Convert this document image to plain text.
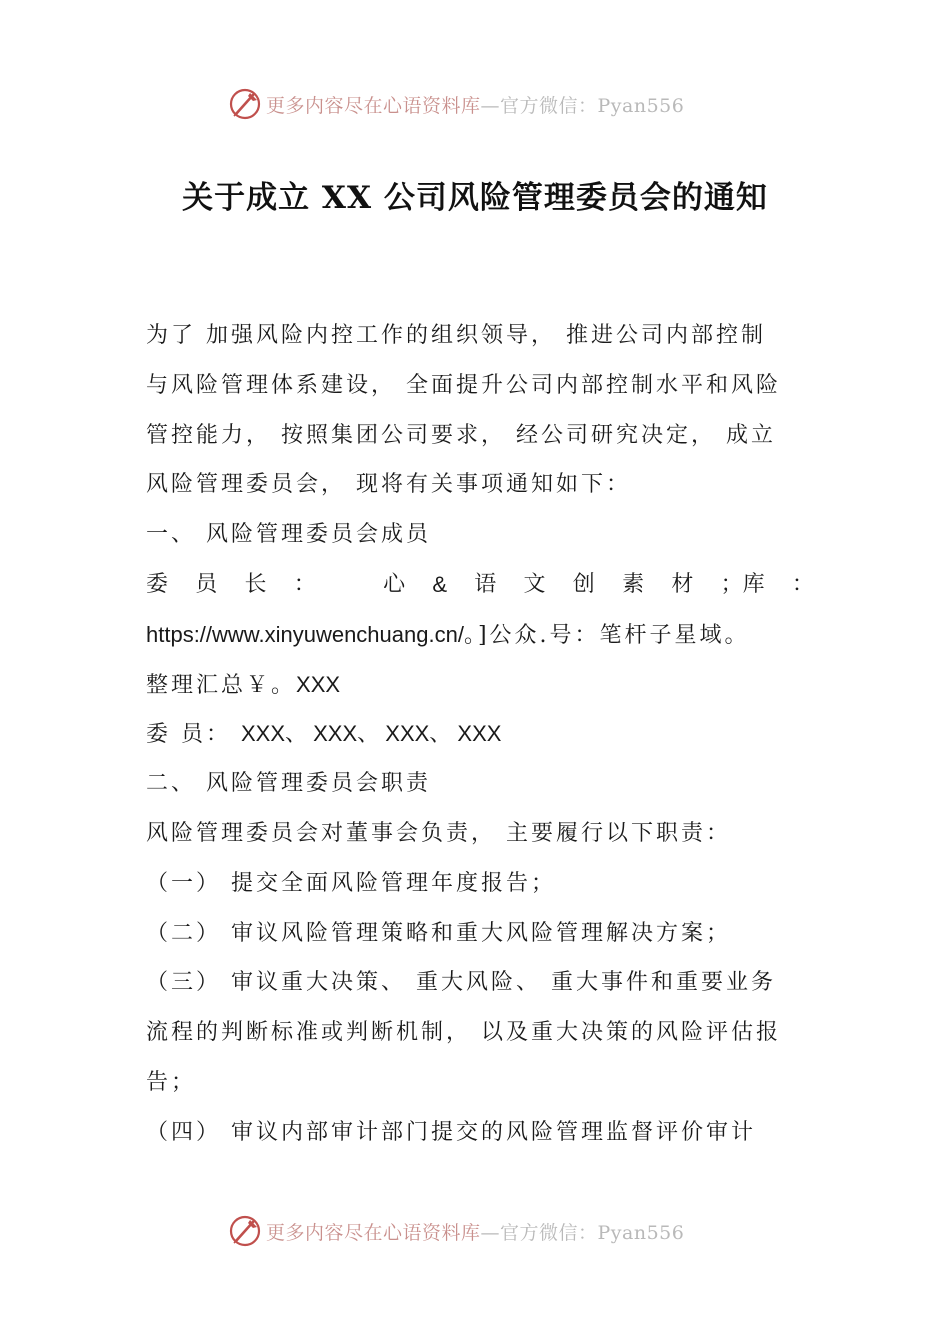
更多内容尽在心语资料库—官方微信：Pyan556
关于成立 XX 公司风险管理委员会的通知
为了 加强风险内控工作的组织领导， 推进公司内部控制
与风险管理体系建设， 全面提升公司内部控制水平和风险
管控能力， 按照集团公司要求， 经公司研究决定， 成立
风险管理委员会， 现将有关事项通知如下：
一、 风险管理委员会成员
委 员 长 ：	心 & 语 文 创 素 材 ；库 ：
https://www.xinyuwenchuang.cn/。]公众.号：笔杆子星域。
整理汇总￥。XXX
委 员： XXX、 XXX、 XXX、 XXX
二、 风险管理委员会职责
风险管理委员会对董事会负责， 主要履行以下职责：
（一） 提交全面风险管理年度报告；
（二） 审议风险管理策略和重大风险管理解决方案；
（三） 审议重大决策、 重大风险、 重大事件和重要业务
流程的判断标准或判断机制， 以及重大决策的风险评估报
告；
（四） 审议内部审计部门提交的风险管理监督评价审计
更多内容尽在心语资料库—官方微信：Pyan556
